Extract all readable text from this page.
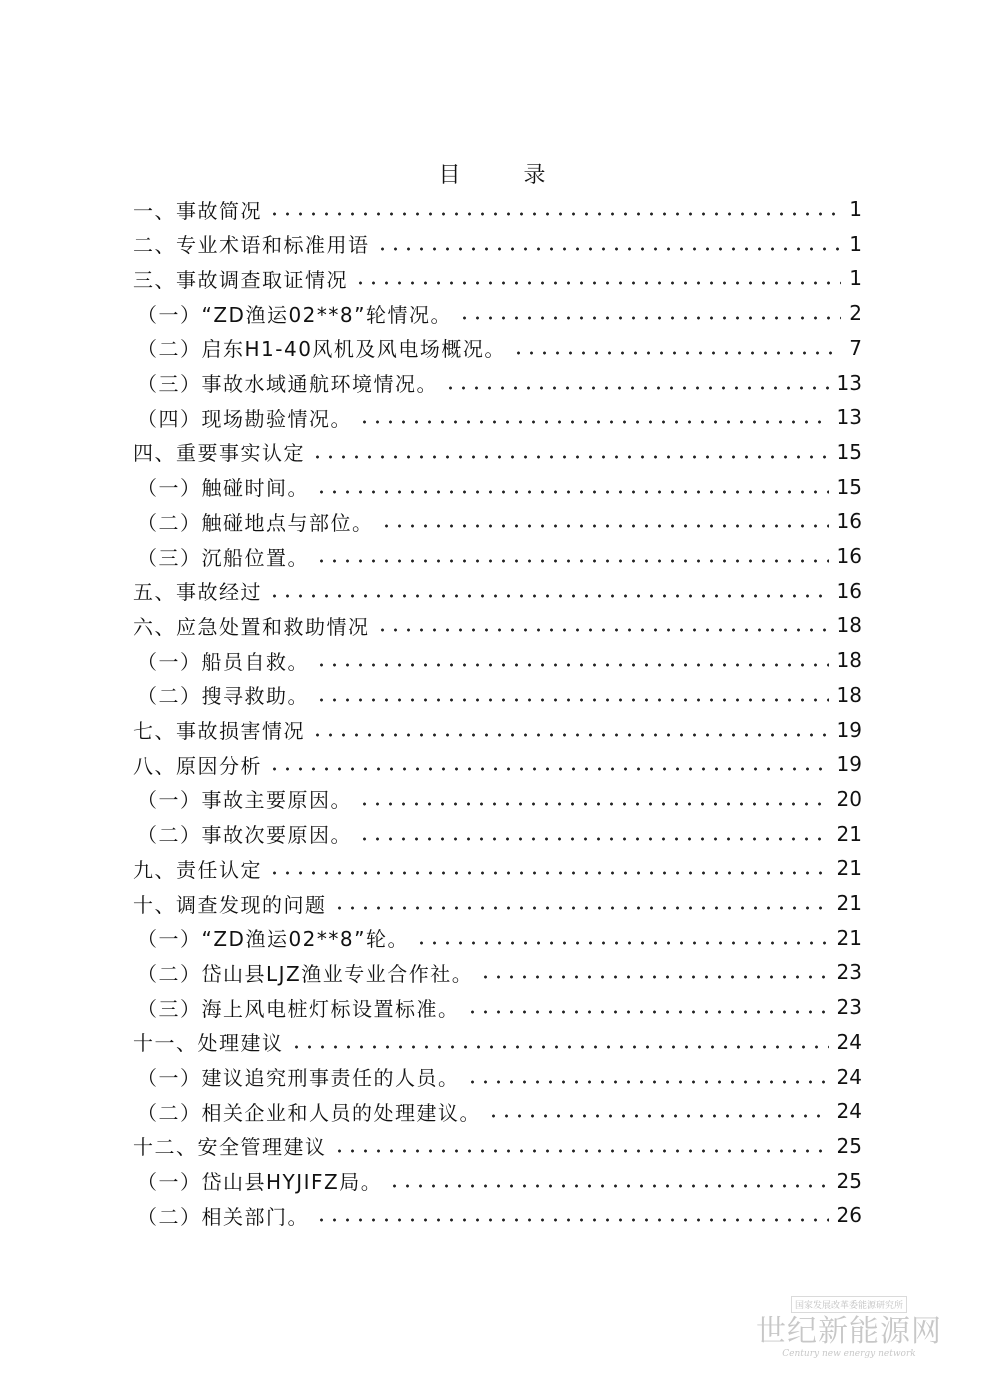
目 录
一、事故简况	1
二、专业术语和标准用语	1
三、事故调查取证情况	1
（一）“ZD渔运02**8”轮情况。	2
（二）启东H1-40风机及风电场概况。	7
（三）事故水域通航环境情况。	13
（四）现场勘验情况。	13
四、重要事实认定	15
（一）触碰时间。	15
（二）触碰地点与部位。	16
（三）沉船位置。	16
五、事故经过	16
六、应急处置和救助情况	18
（一）船员自救。	18
（二）搜寻救助。	18
七、事故损害情况	19
八、原因分析	19
（一）事故主要原因。	20
（二）事故次要原因。	21
九、责任认定	21
十、调查发现的问题	21
（一）“ZD渔运02**8”轮。	21
（二）岱山县LJZ渔业专业合作社。	23
（三）海上风电桩灯标设置标准。	23
十一、处理建议	24
（一）建议追究刑事责任的人员。	24
（二）相关企业和人员的处理建议。	24
十二、安全管理建议	25
（一）岱山县HYJIFZ局。	25
（二）相关部门。	26
国家发展改革委能源研究所
世纪新能源网
Century new energy network
